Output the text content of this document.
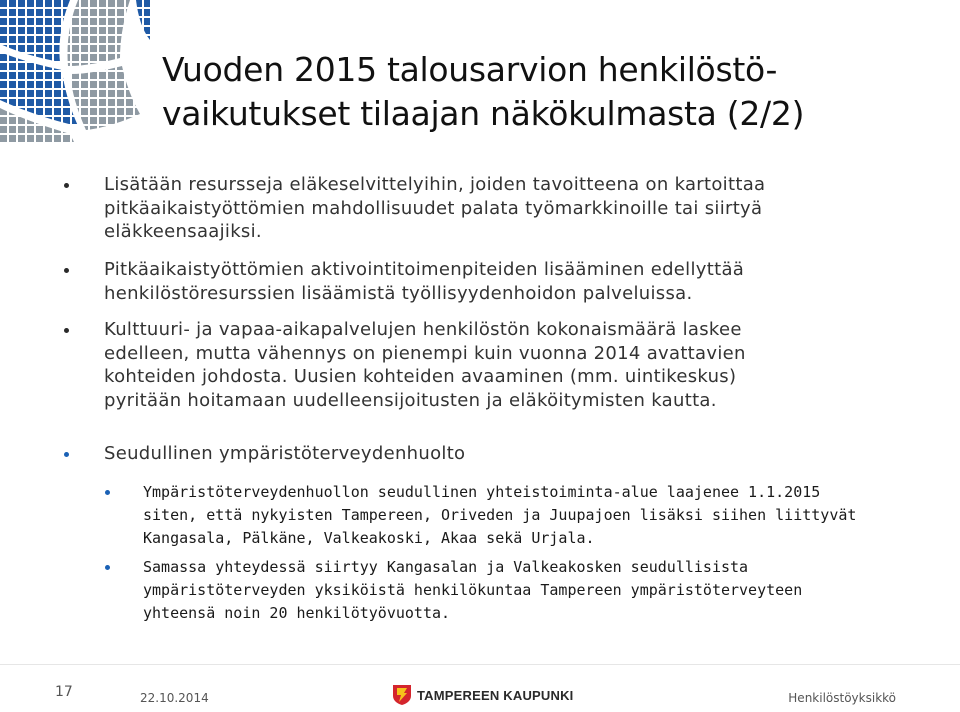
Vuoden 2015 talousarvion henkilöstö-
vaikutukset tilaajan näkökulmasta (2/2)
Lisätään resursseja eläkeselvittelyihin, joiden tavoitteena on kartoittaa
pitkäaikaistyöttömien mahdollisuudet palata työmarkkinoille tai siirtyä
eläkkeensaajiksi.
Pitkäaikaistyöttömien aktivointitoimenpiteiden lisääminen edellyttää
henkilöstöresurssien lisäämistä työllisyydenhoidon palveluissa.
Kulttuuri- ja vapaa-aikapalvelujen henkilöstön kokonaismäärä laskee
edelleen, mutta vähennys on pienempi kuin vuonna 2014 avattavien
kohteiden johdosta. Uusien kohteiden avaaminen (mm. uintikeskus)
pyritään hoitamaan uudelleensijoitusten ja eläköitymisten kautta.
Seudullinen ympäristöterveydenhuolto
Ympäristöterveydenhuollon seudullinen yhteistoiminta-alue laajenee 1.1.2015
siten, että nykyisten Tampereen, Oriveden ja Juupajoen lisäksi siihen liittyvät
Kangasala, Pälkäne, Valkeakoski, Akaa sekä Urjala.
Samassa yhteydessä siirtyy Kangasalan ja Valkeakosken seudullisista
ympäristöterveyden yksiköistä henkilökuntaa Tampereen ympäristöterveyteen
yhteensä noin 20 henkilötyövuotta.
17	22.10.2014	TAMPEREEN KAUPUNKI	Henkilöstöyksikkö
